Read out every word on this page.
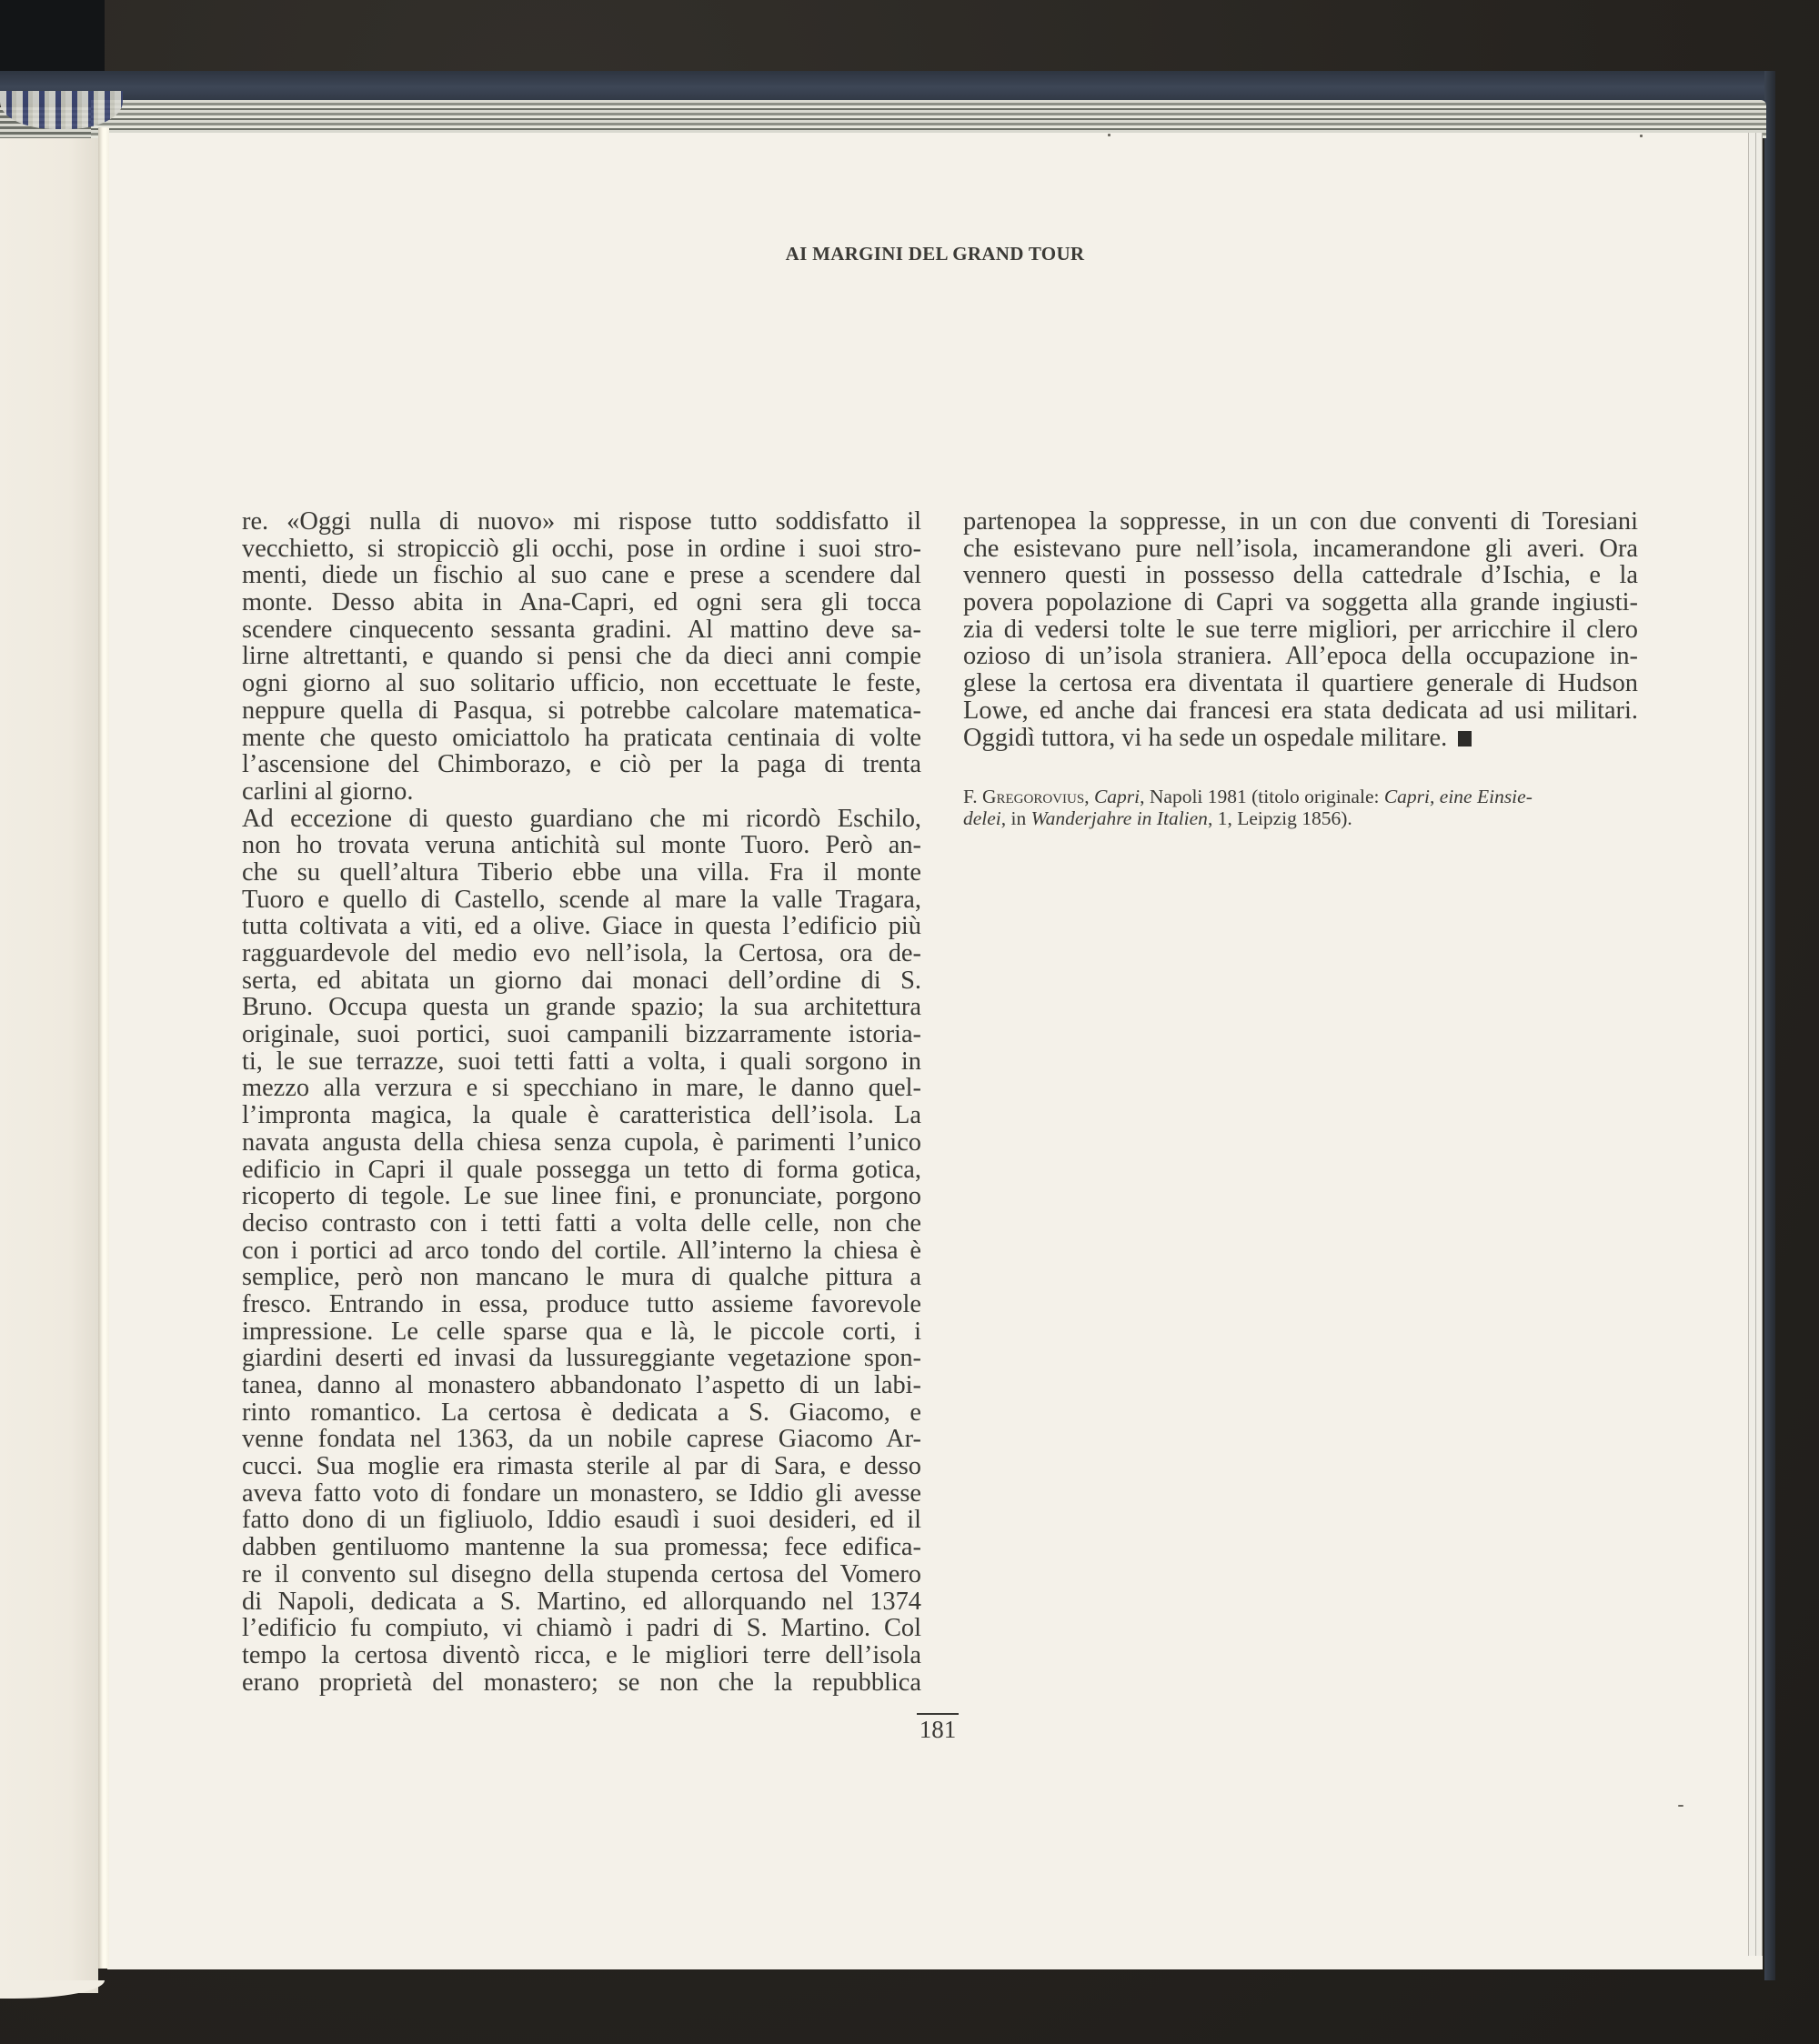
AI MARGINI DEL GRAND TOUR
re. «Oggi nulla di nuovo» mi rispose tutto soddisfatto il
vecchietto, si stropicciò gli occhi, pose in ordine i suoi stro-
menti, diede un fischio al suo cane e prese a scendere dal
monte. Desso abita in Ana-Capri, ed ogni sera gli tocca
scendere cinquecento sessanta gradini. Al mattino deve sa-
lirne altrettanti, e quando si pensi che da dieci anni compie
ogni giorno al suo solitario ufficio, non eccettuate le feste,
neppure quella di Pasqua, si potrebbe calcolare matematica-
mente che questo omiciattolo ha praticata centinaia di volte
l’ascensione del Chimborazo, e ciò per la paga di trenta
carlini al giorno.
Ad eccezione di questo guardiano che mi ricordò Eschilo,
non ho trovata veruna antichità sul monte Tuoro. Però an-
che su quell’altura Tiberio ebbe una villa. Fra il monte
Tuoro e quello di Castello, scende al mare la valle Tragara,
tutta coltivata a viti, ed a olive. Giace in questa l’edificio più
ragguardevole del medio evo nell’isola, la Certosa, ora de-
serta, ed abitata un giorno dai monaci dell’ordine di S.
Bruno. Occupa questa un grande spazio; la sua architettura
originale, suoi portici, suoi campanili bizzarramente istoria-
ti, le sue terrazze, suoi tetti fatti a volta, i quali sorgono in
mezzo alla verzura e si specchiano in mare, le danno quel-
l’impronta magica, la quale è caratteristica dell’isola. La
navata angusta della chiesa senza cupola, è parimenti l’unico
edificio in Capri il quale possegga un tetto di forma gotica,
ricoperto di tegole. Le sue linee fini, e pronunciate, porgono
deciso contrasto con i tetti fatti a volta delle celle, non che
con i portici ad arco tondo del cortile. All’interno la chiesa è
semplice, però non mancano le mura di qualche pittura a
fresco. Entrando in essa, produce tutto assieme favorevole
impressione. Le celle sparse qua e là, le piccole corti, i
giardini deserti ed invasi da lussureggiante vegetazione spon-
tanea, danno al monastero abbandonato l’aspetto di un labi-
rinto romantico. La certosa è dedicata a S. Giacomo, e
venne fondata nel 1363, da un nobile caprese Giacomo Ar-
cucci. Sua moglie era rimasta sterile al par di Sara, e desso
aveva fatto voto di fondare un monastero, se Iddio gli avesse
fatto dono di un figliuolo, Iddio esaudì i suoi desideri, ed il
dabben gentiluomo mantenne la sua promessa; fece edifica-
re il convento sul disegno della stupenda certosa del Vomero
di Napoli, dedicata a S. Martino, ed allorquando nel 1374
l’edificio fu compiuto, vi chiamò i padri di S. Martino. Col
tempo la certosa diventò ricca, e le migliori terre dell’isola
erano proprietà del monastero; se non che la repubblica
partenopea la soppresse, in un con due conventi di Toresiani
che esistevano pure nell’isola, incamerandone gli averi. Ora
vennero questi in possesso della cattedrale d’Ischia, e la
povera popolazione di Capri va soggetta alla grande ingiusti-
zia di vedersi tolte le sue terre migliori, per arricchire il clero
ozioso di un’isola straniera. All’epoca della occupazione in-
glese la certosa era diventata il quartiere generale di Hudson
Lowe, ed anche dai francesi era stata dedicata ad usi militari.
Oggidì tuttora, vi ha sede un ospedale militare.
F. Gregorovius, Capri, Napoli 1981 (titolo originale: Capri, eine Einsie-
delei, in Wanderjahre in Italien, 1, Leipzig 1856).
181
